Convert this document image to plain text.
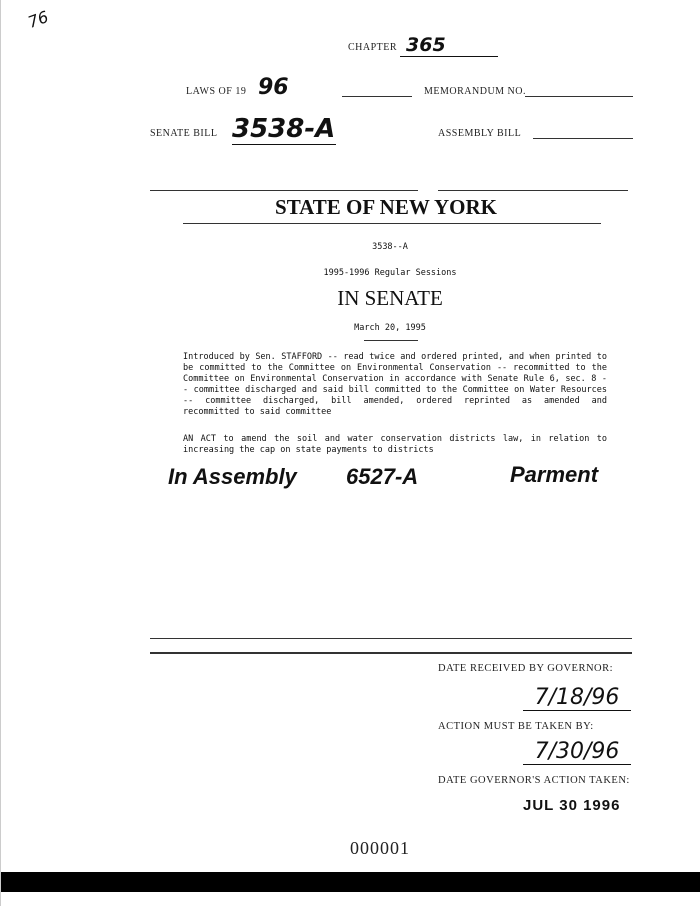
76
CHAPTER 365
LAWS OF 19 96	MEMORANDUM NO.
SENATE BILL 3538-A	ASSEMBLY BILL
STATE OF NEW YORK
3538--A
1995-1996 Regular Sessions
IN SENATE
March 20, 1995
Introduced by Sen. STAFFORD -- read twice and ordered printed, and when printed to be committed to the Committee on Environmental Conservation -- recommitted to the Committee on Environmental Conservation in accordance with Senate Rule 6, sec. 8 -- committee discharged and said bill committed to the Committee on Water Resources -- committee discharged, bill amended, ordered reprinted as amended and recommitted to said committee
AN ACT to amend the soil and water conservation districts law, in relation to increasing the cap on state payments to districts
In Assembly 6527-A	Parment
DATE RECEIVED BY GOVERNOR:
7/18/96
ACTION MUST BE TAKEN BY:
7/30/96
DATE GOVERNOR'S ACTION TAKEN:
JUL 30 1996
000001
